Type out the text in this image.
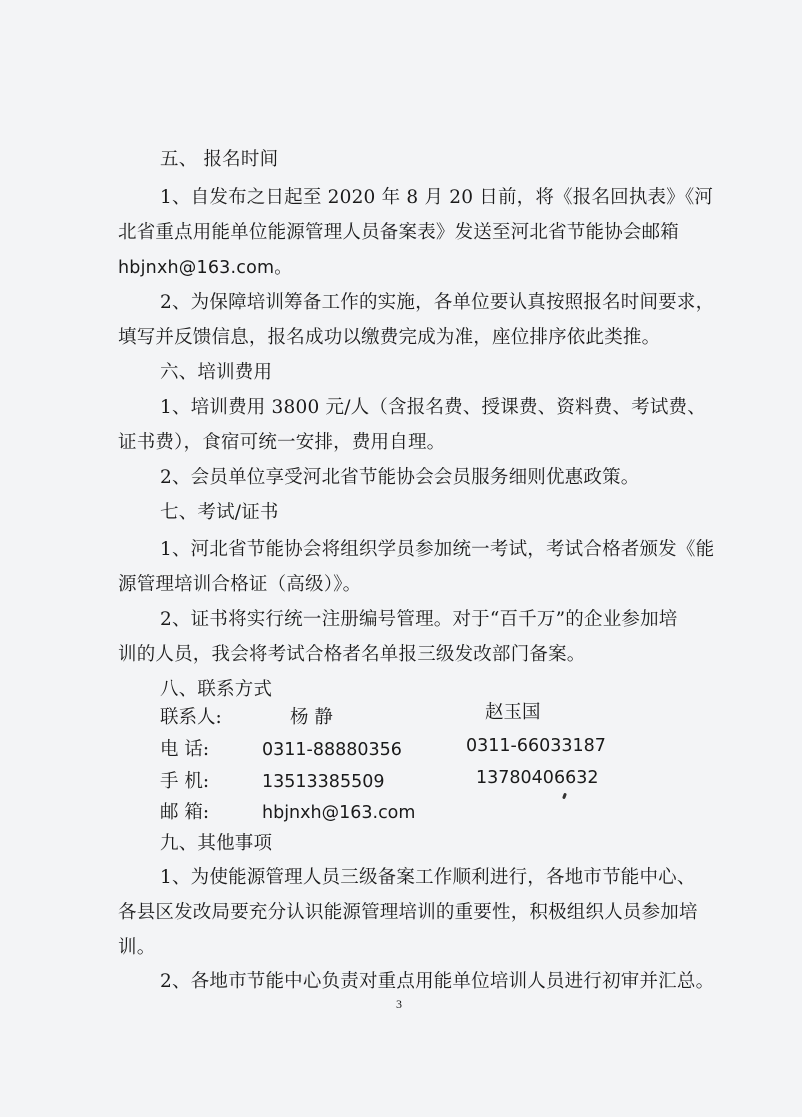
五、 报名时间
1、自发布之日起至 2020 年 8 月 20 日前，将《报名回执表》《河
北省重点用能单位能源管理人员备案表》发送至河北省节能协会邮箱
hbjnxh@163.com。
2、为保障培训筹备工作的实施，各单位要认真按照报名时间要求，
填写并反馈信息，报名成功以缴费完成为准，座位排序依此类推。
六、培训费用
1、培训费用 3800 元/人（含报名费、授课费、资料费、考试费、
证书费），食宿可统一安排，费用自理。
2、会员单位享受河北省节能协会会员服务细则优惠政策。
七、考试/证书
1、河北省节能协会将组织学员参加统一考试，考试合格者颁发《能
源管理培训合格证（高级）》。
2、证书将实行统一注册编号管理。对于“百千万”的企业参加培
训的人员，我会将考试合格者名单报三级发改部门备案。
八、联系方式
联系人:	杨 静	赵玉国
电 话:	0311-88880356	0311-66033187
手 机:	13513385509	13780406632
邮 箱:	hbjnxh@163.com
九、其他事项
1、为使能源管理人员三级备案工作顺利进行，各地市节能中心、
各县区发改局要充分认识能源管理培训的重要性，积极组织人员参加培
训。
2、各地市节能中心负责对重点用能单位培训人员进行初审并汇总。
3
